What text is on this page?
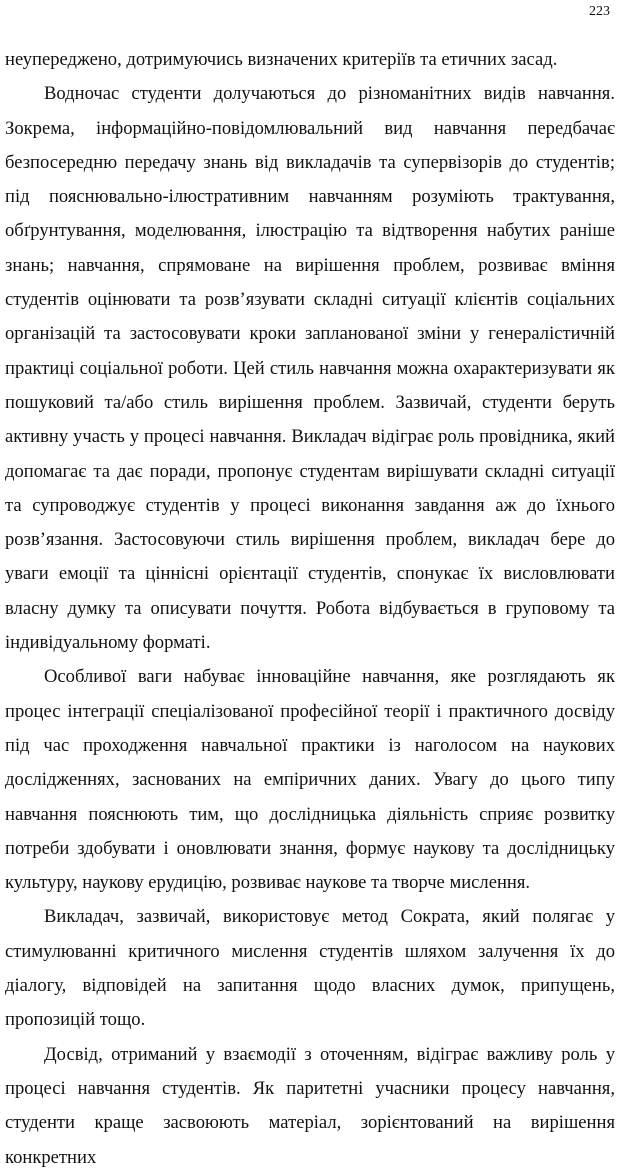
223

неупереджено, дотримуючись визначених критеріїв та етичних засад.

Водночас студенти долучаються до різноманітних видів навчання. Зокрема, інформаційно-повідомлювальний вид навчання передбачає безпосередню передачу знань від викладачів та супервізорів до студентів; під пояснювально-ілюстративним навчанням розуміють трактування, обґрунтування, моделювання, ілюстрацію та відтворення набутих раніше знань; навчання, спрямоване на вирішення проблем, розвиває вміння студентів оцінювати та розв’язувати складні ситуації клієнтів соціальних організацій та застосовувати кроки запланованої зміни у генералістичній практиці соціальної роботи. Цей стиль навчання можна охарактеризувати як пошуковий та/або стиль вирішення проблем. Зазвичай, студенти беруть активну участь у процесі навчання. Викладач відіграє роль провідника, який допомагає та дає поради, пропонує студентам вирішувати складні ситуації та супроводжує студентів у процесі виконання завдання аж до їхнього розв’язання. Застосовуючи стиль вирішення проблем, викладач бере до уваги емоції та ціннісні орієнтації студентів, спонукає їх висловлювати власну думку та описувати почуття. Робота відбувається в груповому та індивідуальному форматі.

Особливої ваги набуває інноваційне навчання, яке розглядають як процес інтеграції спеціалізованої професійної теорії і практичного досвіду під час проходження навчальної практики із наголосом на наукових дослідженнях, заснованих на емпіричних даних. Увагу до цього типу навчання пояснюють тим, що дослідницька діяльність сприяє розвитку потреби здобувати і оновлювати знання, формує наукову та дослідницьку культуру, наукову ерудицію, розвиває наукове та творче мислення.

Викладач, зазвичай, використовує метод Сократа, який полягає у стимулюванні критичного мислення студентів шляхом залучення їх до діалогу, відповідей на запитання щодо власних думок, припущень, пропозицій тощо.

Досвід, отриманий у взаємодії з оточенням, відіграє важливу роль у процесі навчання студентів. Як паритетні учасники процесу навчання, студенти краще засвоюють матеріал, зорієнтований на вирішення конкретних
